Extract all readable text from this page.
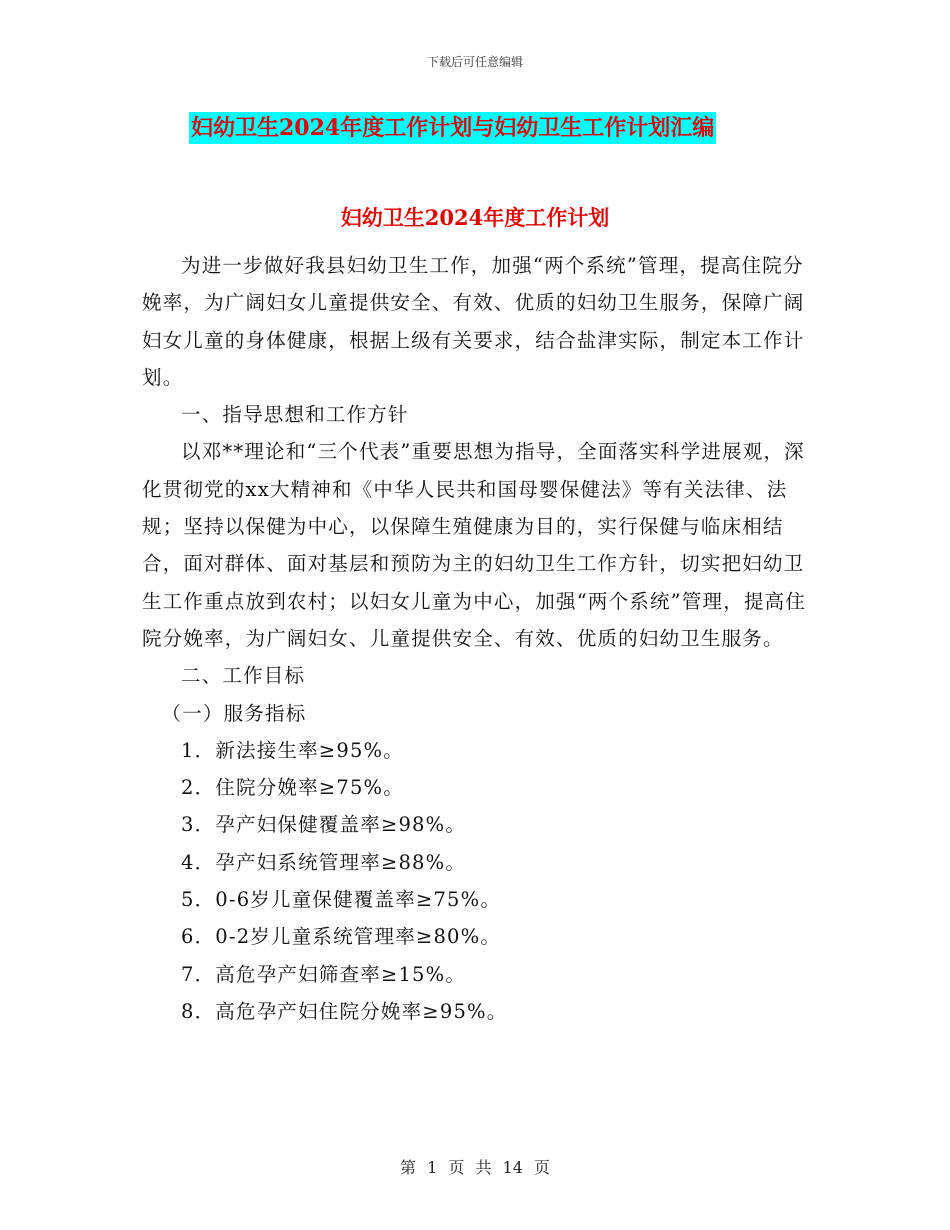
下载后可任意编辑
妇幼卫生2024年度工作计划与妇幼卫生工作计划汇编
妇幼卫生2024年度工作计划

为进一步做好我县妇幼卫生工作，加强“两个系统”管理，提高住院分娩率，为广阔妇女儿童提供安全、有效、优质的妇幼卫生服务，保障广阔妇女儿童的身体健康，根据上级有关要求，结合盐津实际，制定本工作计划。

一、指导思想和工作方针

以邓**理论和“三个代表”重要思想为指导，全面落实科学进展观，深化贯彻党的xx大精神和《中华人民共和国母婴保健法》等有关法律、法规；坚持以保健为中心，以保障生殖健康为目的，实行保健与临床相结合，面对群体、面对基层和预防为主的妇幼卫生工作方针，切实把妇幼卫生工作重点放到农村；以妇女儿童为中心，加强“两个系统”管理，提高住院分娩率，为广阔妇女、儿童提供安全、有效、优质的妇幼卫生服务。

二、工作目标

（一）服务指标

1．新法接生率≥95%。

2．住院分娩率≥75%。

3．孕产妇保健覆盖率≥98%。

4．孕产妇系统管理率≥88%。

5．0-6岁儿童保健覆盖率≥75%。

6．0-2岁儿童系统管理率≥80%。

7．高危孕产妇筛查率≥15%。

8．高危孕产妇住院分娩率≥95%。

第 1 页 共 14 页
